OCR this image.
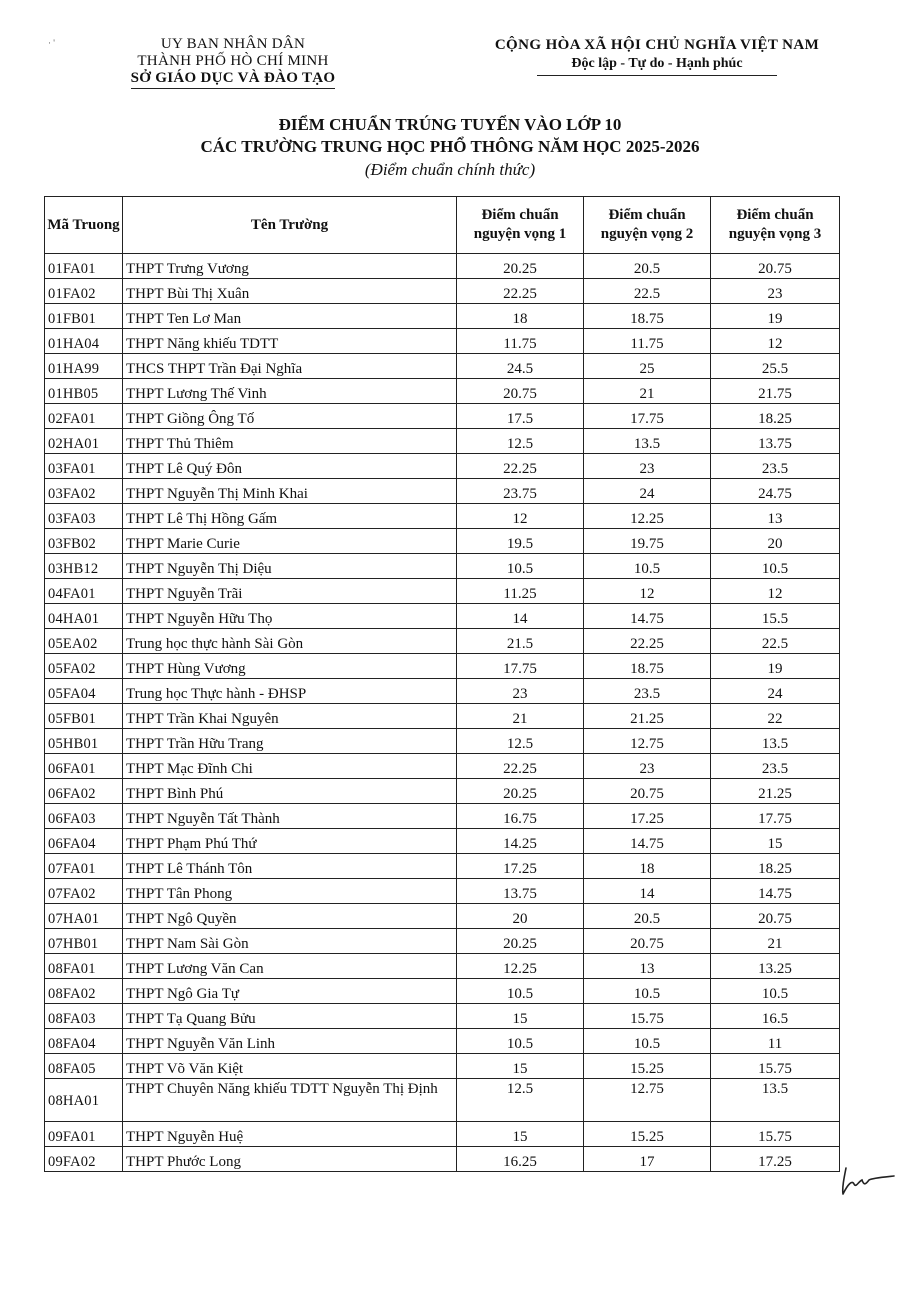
· '	UY BAN NHÂN DÂN
THÀNH PHỐ HÒ CHÍ MINH
SỞ GIÁO DỤC VÀ ĐÀO TẠO
CỘNG HÒA XÃ HỘI CHỦ NGHĨA VIỆT NAM
Độc lập - Tự do - Hạnh phúc
ĐIỂM CHUẨN TRÚNG TUYỂN VÀO LỚP 10
CÁC TRƯỜNG TRUNG HỌC PHỔ THÔNG NĂM HỌC 2025-2026
(Điểm chuẩn chính thức)
Mã Truong	Tên Trường	Điểm chuẩn nguyện vọng 1	Điểm chuẩn nguyện vọng 2	Điểm chuẩn nguyện vọng 3
01FA01	THPT Trưng Vương	20.25	20.5	20.75
01FA02	THPT Bùi Thị Xuân	22.25	22.5	23
01FB01	THPT Ten Lơ Man	18	18.75	19
01HA04	THPT Năng khiếu TDTT	11.75	11.75	12
01HA99	THCS THPT Trần Đại Nghĩa	24.5	25	25.5
01HB05	THPT Lương Thế Vinh	20.75	21	21.75
02FA01	THPT Giồng Ông Tố	17.5	17.75	18.25
02HA01	THPT Thủ Thiêm	12.5	13.5	13.75
03FA01	THPT Lê Quý Đôn	22.25	23	23.5
03FA02	THPT Nguyễn Thị Minh Khai	23.75	24	24.75
03FA03	THPT Lê Thị Hồng Gấm	12	12.25	13
03FB02	THPT Marie Curie	19.5	19.75	20
03HB12	THPT Nguyễn Thị Diệu	10.5	10.5	10.5
04FA01	THPT Nguyễn Trãi	11.25	12	12
04HA01	THPT Nguyễn Hữu Thọ	14	14.75	15.5
05EA02	Trung học thực hành Sài Gòn	21.5	22.25	22.5
05FA02	THPT Hùng Vương	17.75	18.75	19
05FA04	Trung học Thực hành - ĐHSP	23	23.5	24
05FB01	THPT Trần Khai Nguyên	21	21.25	22
05HB01	THPT Trần Hữu Trang	12.5	12.75	13.5
06FA01	THPT Mạc Đĩnh Chi	22.25	23	23.5
06FA02	THPT Bình Phú	20.25	20.75	21.25
06FA03	THPT Nguyễn Tất Thành	16.75	17.25	17.75
06FA04	THPT Phạm Phú Thứ	14.25	14.75	15
07FA01	THPT Lê Thánh Tôn	17.25	18	18.25
07FA02	THPT Tân Phong	13.75	14	14.75
07HA01	THPT Ngô Quyền	20	20.5	20.75
07HB01	THPT Nam Sài Gòn	20.25	20.75	21
08FA01	THPT Lương Văn Can	12.25	13	13.25
08FA02	THPT Ngô Gia Tự	10.5	10.5	10.5
08FA03	THPT Tạ Quang Bửu	15	15.75	16.5
08FA04	THPT Nguyễn Văn Linh	10.5	10.5	11
08FA05	THPT Võ Văn Kiệt	15	15.25	15.75
08HA01	THPT Chuyên Năng khiếu TDTT Nguyễn Thị Định	12.5	12.75	13.5
09FA01	THPT Nguyễn Huệ	15	15.25	15.75
09FA02	THPT Phước Long	16.25	17	17.25
